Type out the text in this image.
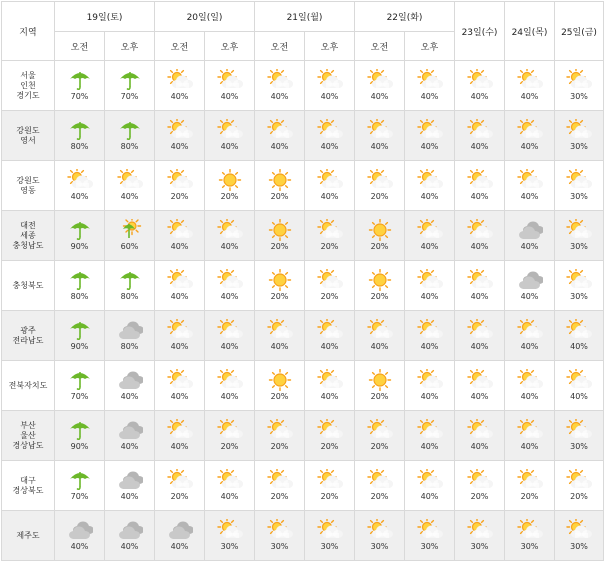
지역	19일(토)		20일(일)		21일(월)		22일(화)		23일(수)	24일(목)	25일(금)
	오전	오후	오전	오후	오전	오후	오전	오후			
서울
인천
경기도	70%	70%	40%	40%	40%	40%	40%	40%	40%	40%	30%

강원도
영서	80%	80%	40%	40%	40%	40%	40%	40%	40%	40%	30%

강원도
영동	40%	40%	20%	20%	20%	40%	20%	40%	40%	40%	30%

대전
세종
충청남도	90%	60%	40%	40%	20%	20%	20%	40%	40%	40%	30%

충청북도	80%	80%	40%	40%	20%	20%	20%	40%	40%	40%	30%

광주
전라남도	90%	80%	40%	40%	40%	40%	40%	40%	40%	40%	40%

전북자치도	70%	40%	40%	40%	20%	40%	20%	40%	40%	40%	40%

부산
울산
경상남도	90%	40%	40%	20%	20%	20%	20%	40%	40%	40%	30%

대구
경상북도	70%	40%	20%	40%	20%	20%	20%	40%	20%	20%	20%

제주도	40%	40%	40%	30%	30%	30%	30%	30%	30%	30%	30%
